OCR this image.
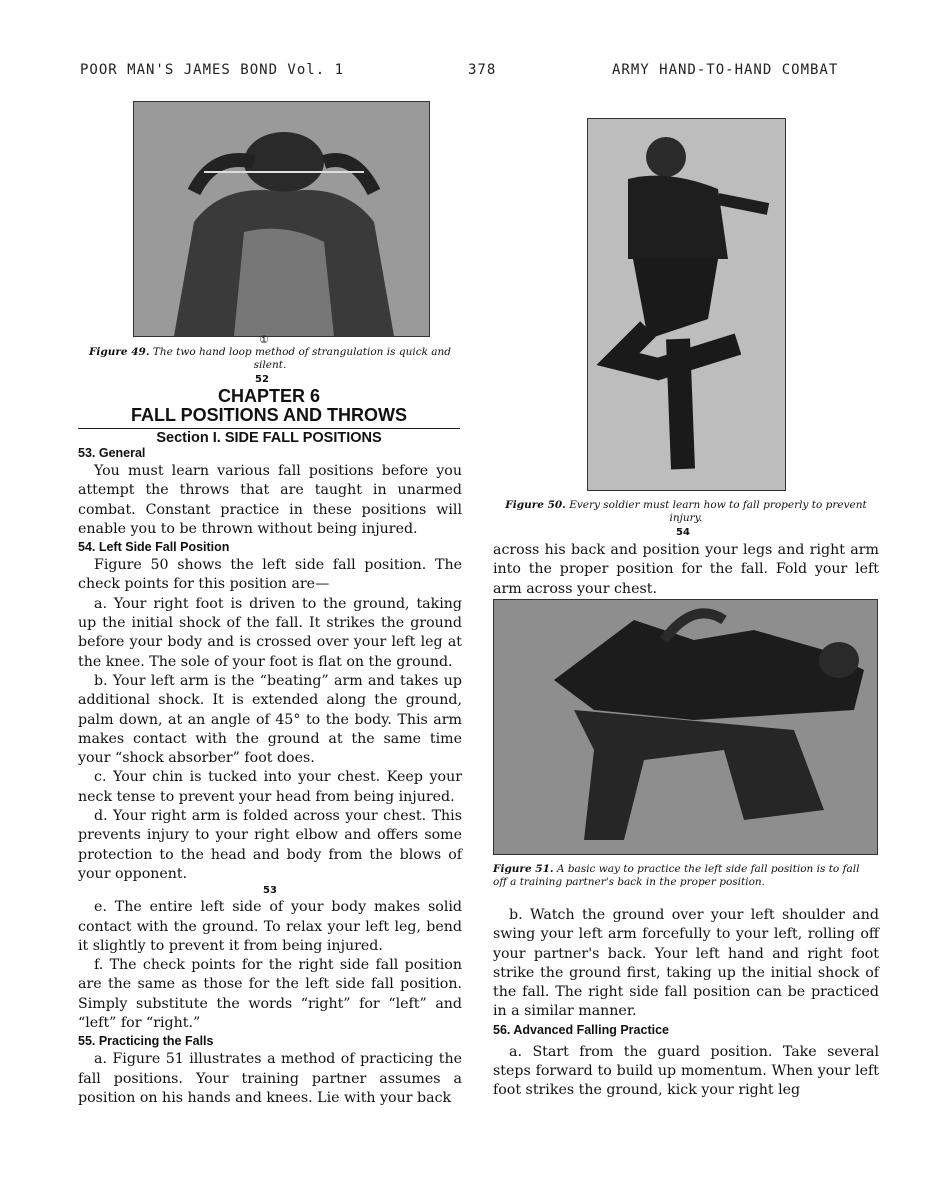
POOR MAN'S JAMES BOND Vol. 1	378	ARMY HAND-TO-HAND COMBAT
①
Figure 49. The two hand loop method of strangulation is quick and silent.
52
CHAPTER 6
FALL POSITIONS AND THROWS
Section I. SIDE FALL POSITIONS
53. General

You must learn various fall positions before you attempt the throws that are taught in unarmed combat. Constant practice in these positions will enable you to be thrown without being injured.

54. Left Side Fall Position

Figure 50 shows the left side fall position. The check points for this position are—

a. Your right foot is driven to the ground, taking up the initial shock of the fall. It strikes the ground before your body and is crossed over your left leg at the knee. The sole of your foot is flat on the ground.

b. Your left arm is the “beating” arm and takes up additional shock. It is extended along the ground, palm down, at an angle of 45° to the body. This arm makes contact with the ground at the same time your “shock absorber” foot does.

c. Your chin is tucked into your chest. Keep your neck tense to prevent your head from being injured.

d. Your right arm is folded across your chest. This prevents injury to your right elbow and offers some protection to the head and body from the blows of your opponent.

53

e. The entire left side of your body makes solid contact with the ground. To relax your left leg, bend it slightly to prevent it from being injured.

f. The check points for the right side fall position are the same as those for the left side fall position. Simply substitute the words “right” for “left” and “left” for “right.”

55. Practicing the Falls

a. Figure 51 illustrates a method of practicing the fall positions. Your training partner assumes a position on his hands and knees. Lie with your back

Figure 50. Every soldier must learn how to fall properly to prevent injury.
54

across his back and position your legs and right arm into the proper position for the fall. Fold your left arm across your chest.

Figure 51. A basic way to practice the left side fall position is to fall off a training partner's back in the proper position.

b. Watch the ground over your left shoulder and swing your left arm forcefully to your left, rolling off your partner's back. Your left hand and right foot strike the ground first, taking up the initial shock of the fall. The right side fall position can be practiced in a similar manner.

56. Advanced Falling Practice

a. Start from the guard position. Take several steps forward to build up momentum. When your left foot strikes the ground, kick your right leg
